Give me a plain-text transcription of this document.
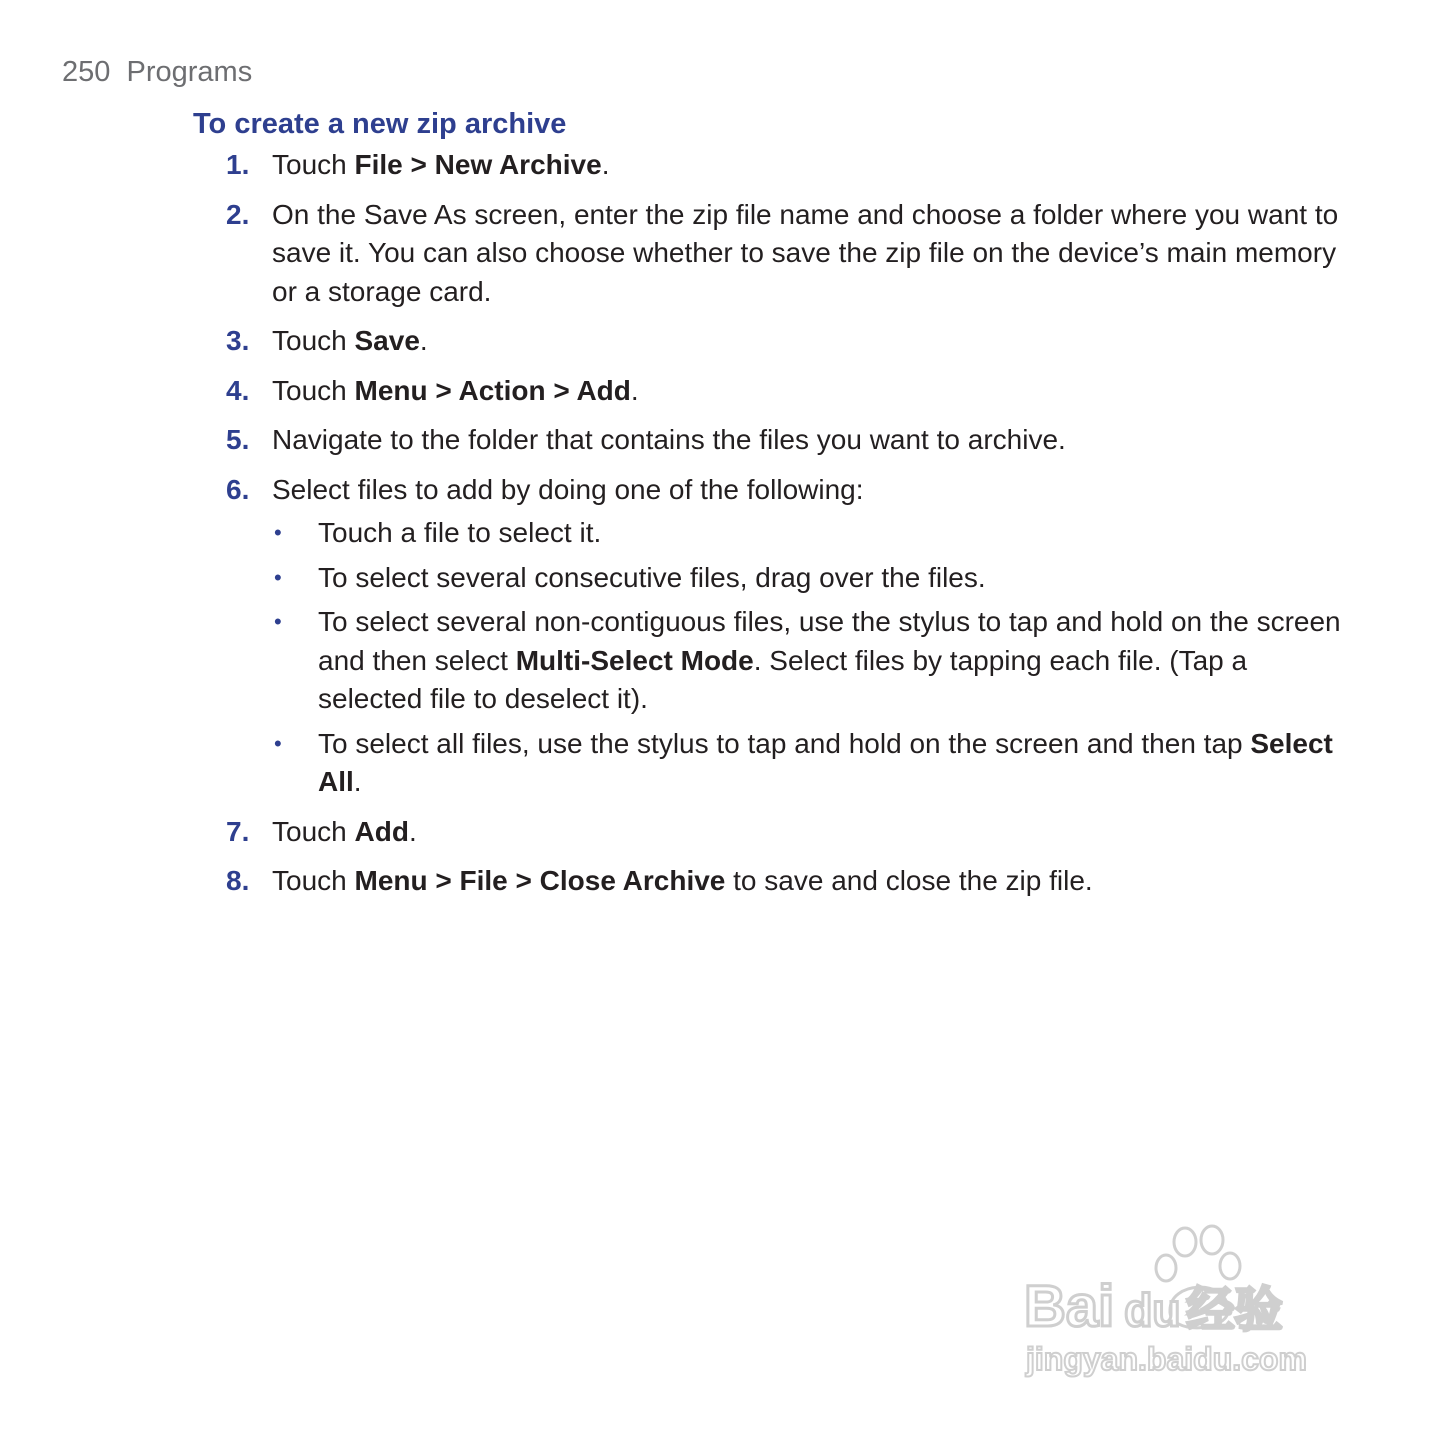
250 Programs
To create a new zip archive
1. Touch File > New Archive.
2. On the Save As screen, enter the zip file name and choose a folder where you want to save it. You can also choose whether to save the zip file on the device’s main memory or a storage card.
3. Touch Save.
4. Touch Menu > Action > Add.
5. Navigate to the folder that contains the files you want to archive.
6. Select files to add by doing one of the following:
•	Touch a file to select it.
•	To select several consecutive files, drag over the files.
•	To select several non-contiguous files, use the stylus to tap and hold on the screen and then select Multi-Select Mode. Select files by tapping each file. (Tap a selected file to deselect it).
•	To select all files, use the stylus to tap and hold on the screen and then tap Select All.
7. Touch Add.
8. Touch Menu > File > Close Archive to save and close the zip file.
Bai du 经验
jingyan.baidu.com
